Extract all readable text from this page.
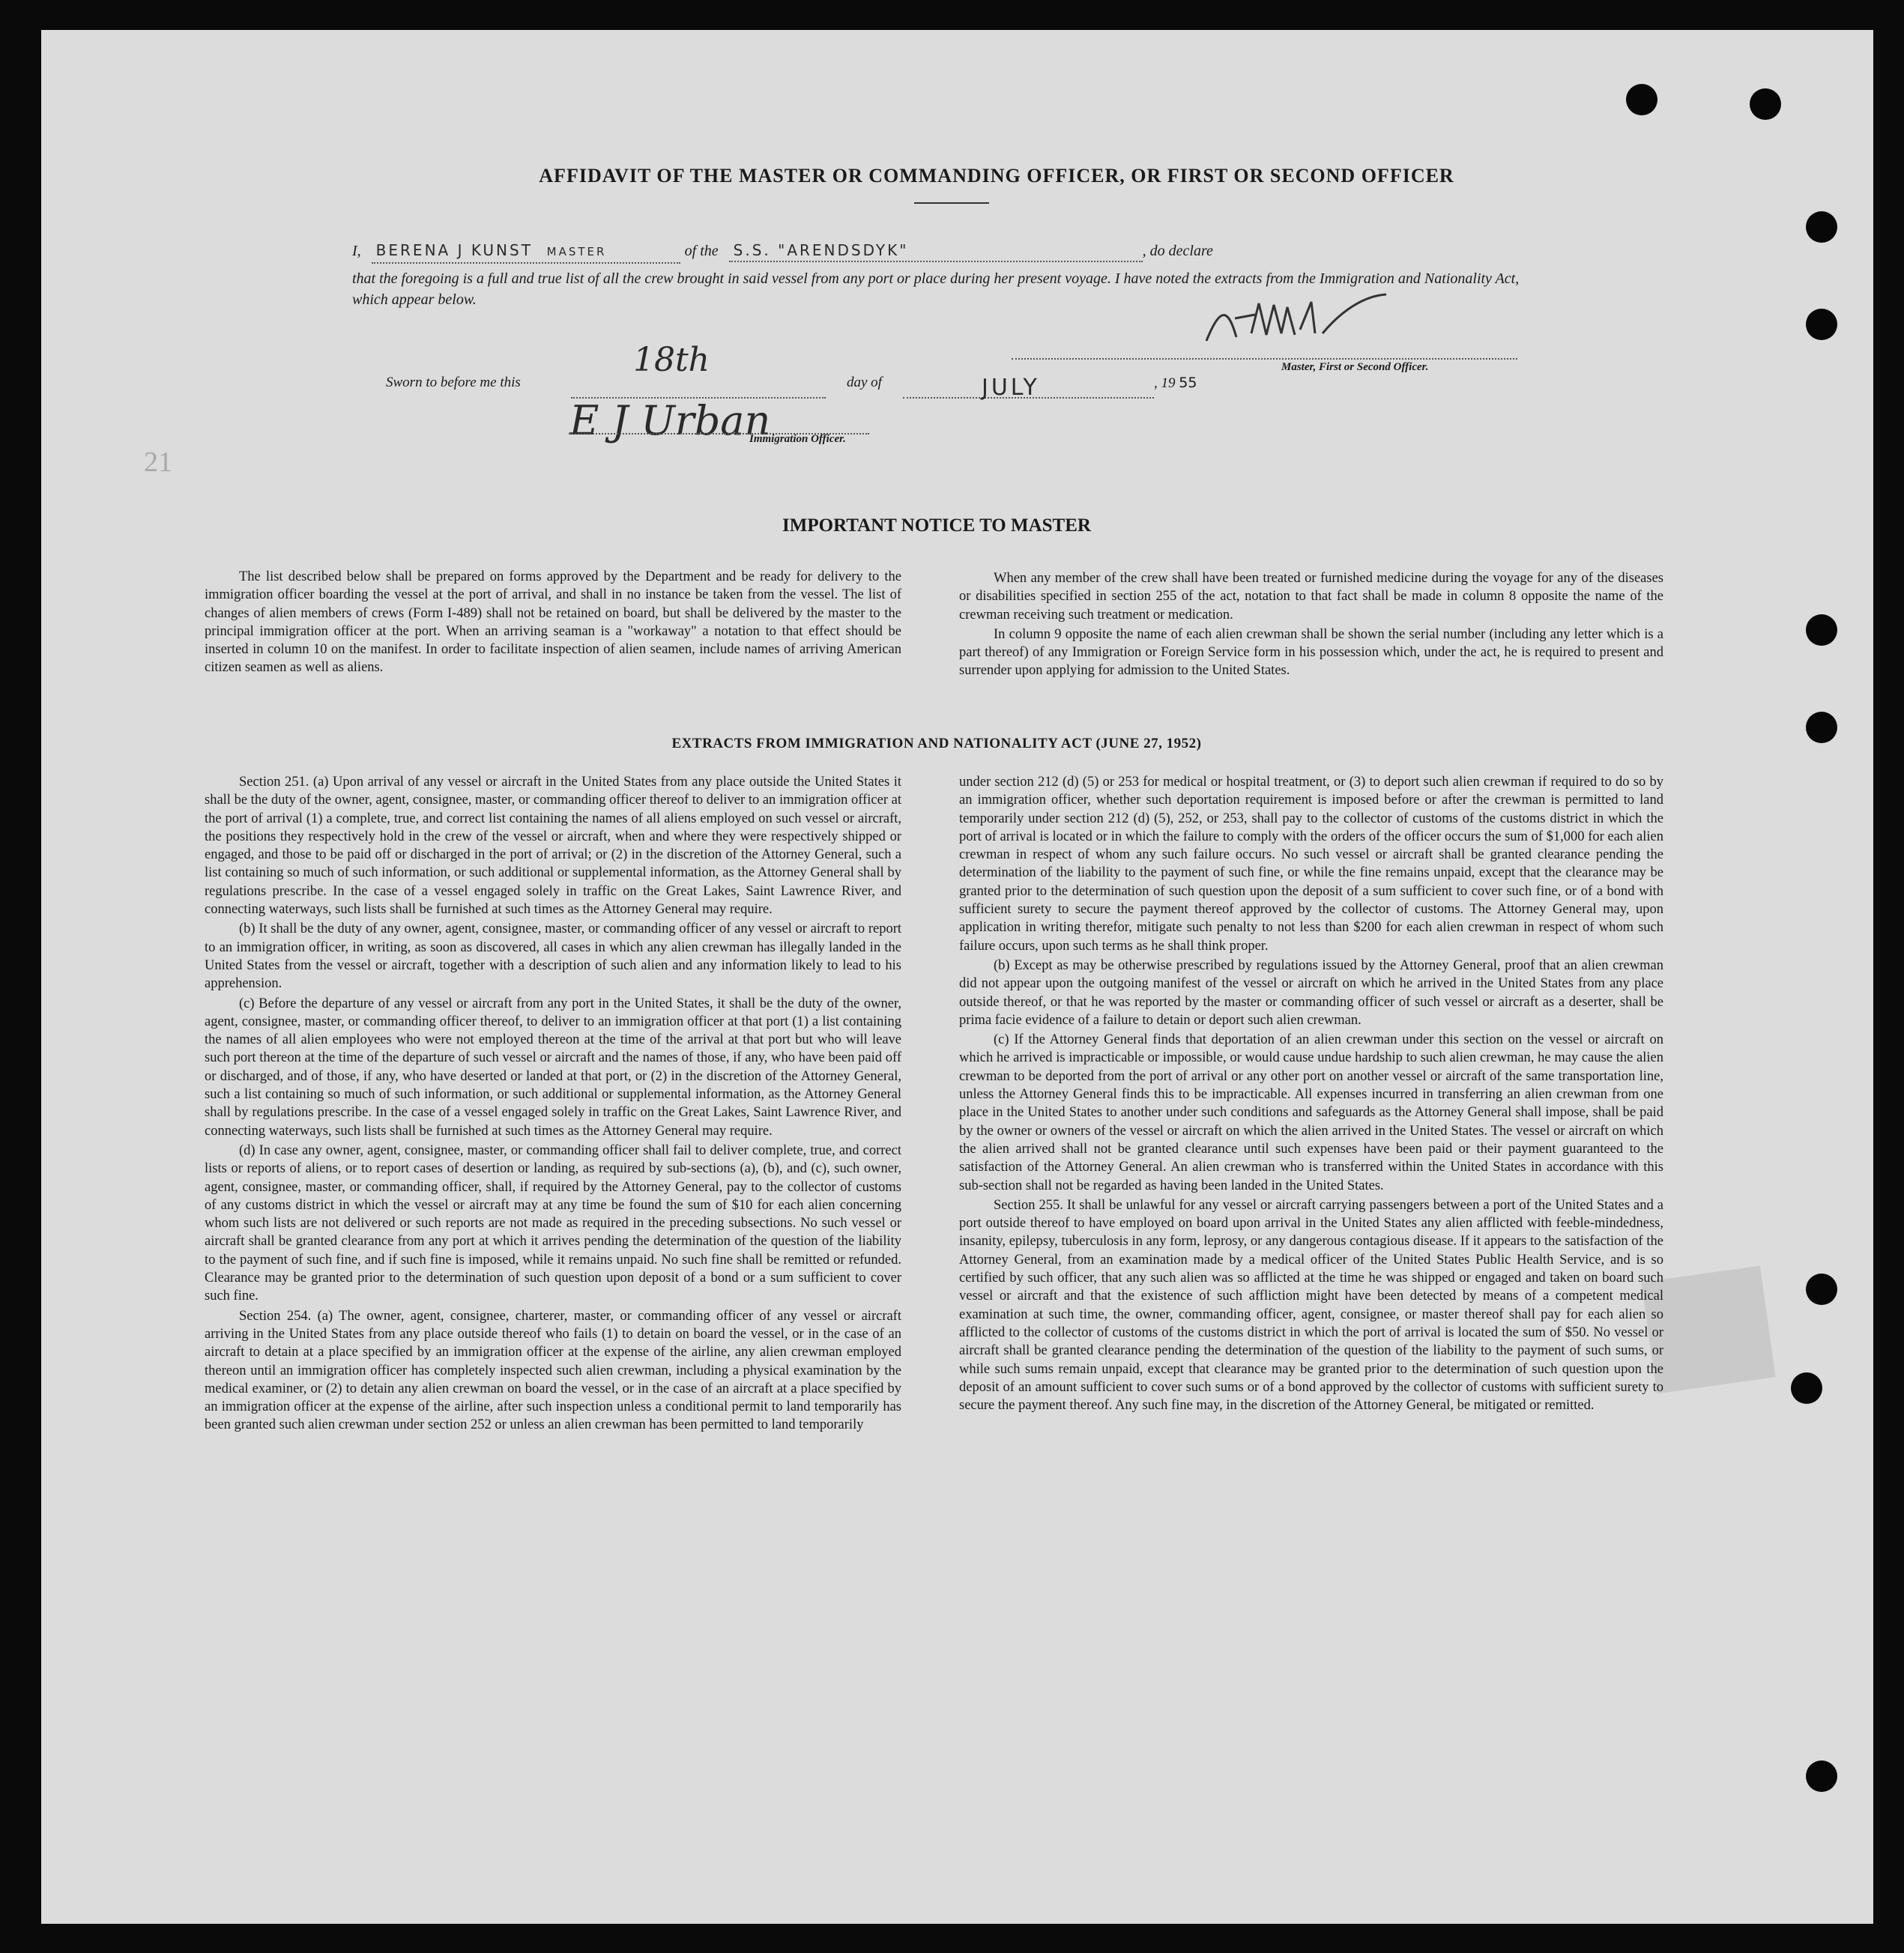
21
AFFIDAVIT OF THE MASTER OR COMMANDING OFFICER, OR FIRST OR SECOND OFFICER
I,	BERENA J KUNST MASTER	of the	S.S. "ARENDSDYK"	, do declare
that the foregoing is a full and true list of all the crew brought in said vessel from any port or place during her present voyage. I have noted the extracts from the Immigration and Nationality Act, which appear below.
Master, First or Second Officer.
Sworn to before me this
18th
day of	JULY	, 19 55
E J Urban
Immigration Officer.
IMPORTANT NOTICE TO MASTER

The list described below shall be prepared on forms approved by the Department and be ready for delivery to the immigration officer boarding the vessel at the port of arrival, and shall in no instance be taken from the vessel. The list of changes of alien members of crews (Form I-489) shall not be retained on board, but shall be delivered by the master to the principal immigration officer at the port. When an arriving seaman is a "workaway" a notation to that effect should be inserted in column 10 on the manifest. In order to facilitate inspection of alien seamen, include names of arriving American citizen seamen as well as aliens.

When any member of the crew shall have been treated or furnished medicine during the voyage for any of the diseases or disabilities specified in section 255 of the act, notation to that fact shall be made in column 8 opposite the name of the crewman receiving such treatment or medication.

In column 9 opposite the name of each alien crewman shall be shown the serial number (including any letter which is a part thereof) of any Immigration or Foreign Service form in his possession which, under the act, he is required to present and surrender upon applying for admission to the United States.

EXTRACTS FROM IMMIGRATION AND NATIONALITY ACT (JUNE 27, 1952)

Section 251. (a) Upon arrival of any vessel or aircraft in the United States from any place outside the United States it shall be the duty of the owner, agent, consignee, master, or commanding officer thereof to deliver to an immigration officer at the port of arrival (1) a complete, true, and correct list containing the names of all aliens employed on such vessel or aircraft, the positions they respectively hold in the crew of the vessel or aircraft, when and where they were respectively shipped or engaged, and those to be paid off or discharged in the port of arrival; or (2) in the discretion of the Attorney General, such a list containing so much of such information, or such additional or supplemental information, as the Attorney General shall by regulations prescribe. In the case of a vessel engaged solely in traffic on the Great Lakes, Saint Lawrence River, and connecting waterways, such lists shall be furnished at such times as the Attorney General may require.

(b) It shall be the duty of any owner, agent, consignee, master, or commanding officer of any vessel or aircraft to report to an immigration officer, in writing, as soon as discovered, all cases in which any alien crewman has illegally landed in the United States from the vessel or aircraft, together with a description of such alien and any information likely to lead to his apprehension.

(c) Before the departure of any vessel or aircraft from any port in the United States, it shall be the duty of the owner, agent, consignee, master, or commanding officer thereof, to deliver to an immigration officer at that port (1) a list containing the names of all alien employees who were not employed thereon at the time of the arrival at that port but who will leave such port thereon at the time of the departure of such vessel or aircraft and the names of those, if any, who have been paid off or discharged, and of those, if any, who have deserted or landed at that port, or (2) in the discretion of the Attorney General, such a list containing so much of such information, or such additional or supplemental information, as the Attorney General shall by regulations prescribe. In the case of a vessel engaged solely in traffic on the Great Lakes, Saint Lawrence River, and connecting waterways, such lists shall be furnished at such times as the Attorney General may require.

(d) In case any owner, agent, consignee, master, or commanding officer shall fail to deliver complete, true, and correct lists or reports of aliens, or to report cases of desertion or landing, as required by sub-sections (a), (b), and (c), such owner, agent, consignee, master, or commanding officer, shall, if required by the Attorney General, pay to the collector of customs of any customs district in which the vessel or aircraft may at any time be found the sum of $10 for each alien concerning whom such lists are not delivered or such reports are not made as required in the preceding subsections. No such vessel or aircraft shall be granted clearance from any port at which it arrives pending the determination of the question of the liability to the payment of such fine, and if such fine is imposed, while it remains unpaid. No such fine shall be remitted or refunded. Clearance may be granted prior to the determination of such question upon deposit of a bond or a sum sufficient to cover such fine.

Section 254. (a) The owner, agent, consignee, charterer, master, or commanding officer of any vessel or aircraft arriving in the United States from any place outside thereof who fails (1) to detain on board the vessel, or in the case of an aircraft to detain at a place specified by an immigration officer at the expense of the airline, any alien crewman employed thereon until an immigration officer has completely inspected such alien crewman, including a physical examination by the medical examiner, or (2) to detain any alien crewman on board the vessel, or in the case of an aircraft at a place specified by an immigration officer at the expense of the airline, after such inspection unless a conditional permit to land temporarily has been granted such alien crewman under section 252 or unless an alien crewman has been permitted to land temporarily

under section 212 (d) (5) or 253 for medical or hospital treatment, or (3) to deport such alien crewman if required to do so by an immigration officer, whether such deportation requirement is imposed before or after the crewman is permitted to land temporarily under section 212 (d) (5), 252, or 253, shall pay to the collector of customs of the customs district in which the port of arrival is located or in which the failure to comply with the orders of the officer occurs the sum of $1,000 for each alien crewman in respect of whom any such failure occurs. No such vessel or aircraft shall be granted clearance pending the determination of the liability to the payment of such fine, or while the fine remains unpaid, except that the clearance may be granted prior to the determination of such question upon the deposit of a sum sufficient to cover such fine, or of a bond with sufficient surety to secure the payment thereof approved by the collector of customs. The Attorney General may, upon application in writing therefor, mitigate such penalty to not less than $200 for each alien crewman in respect of whom such failure occurs, upon such terms as he shall think proper.

(b) Except as may be otherwise prescribed by regulations issued by the Attorney General, proof that an alien crewman did not appear upon the outgoing manifest of the vessel or aircraft on which he arrived in the United States from any place outside thereof, or that he was reported by the master or commanding officer of such vessel or aircraft as a deserter, shall be prima facie evidence of a failure to detain or deport such alien crewman.

(c) If the Attorney General finds that deportation of an alien crewman under this section on the vessel or aircraft on which he arrived is impracticable or impossible, or would cause undue hardship to such alien crewman, he may cause the alien crewman to be deported from the port of arrival or any other port on another vessel or aircraft of the same transportation line, unless the Attorney General finds this to be impracticable. All expenses incurred in transferring an alien crewman from one place in the United States to another under such conditions and safeguards as the Attorney General shall impose, shall be paid by the owner or owners of the vessel or aircraft on which the alien arrived in the United States. The vessel or aircraft on which the alien arrived shall not be granted clearance until such expenses have been paid or their payment guaranteed to the satisfaction of the Attorney General. An alien crewman who is transferred within the United States in accordance with this sub-section shall not be regarded as having been landed in the United States.

Section 255. It shall be unlawful for any vessel or aircraft carrying passengers between a port of the United States and a port outside thereof to have employed on board upon arrival in the United States any alien afflicted with feeble-mindedness, insanity, epilepsy, tuberculosis in any form, leprosy, or any dangerous contagious disease. If it appears to the satisfaction of the Attorney General, from an examination made by a medical officer of the United States Public Health Service, and is so certified by such officer, that any such alien was so afflicted at the time he was shipped or engaged and taken on board such vessel or aircraft and that the existence of such affliction might have been detected by means of a competent medical examination at such time, the owner, commanding officer, agent, consignee, or master thereof shall pay for each alien so afflicted to the collector of customs of the customs district in which the port of arrival is located the sum of $50. No vessel or aircraft shall be granted clearance pending the determination of the question of the liability to the payment of such sums, or while such sums remain unpaid, except that clearance may be granted prior to the determination of such question upon the deposit of an amount sufficient to cover such sums or of a bond approved by the collector of customs with sufficient surety to secure the payment thereof. Any such fine may, in the discretion of the Attorney General, be mitigated or remitted.
